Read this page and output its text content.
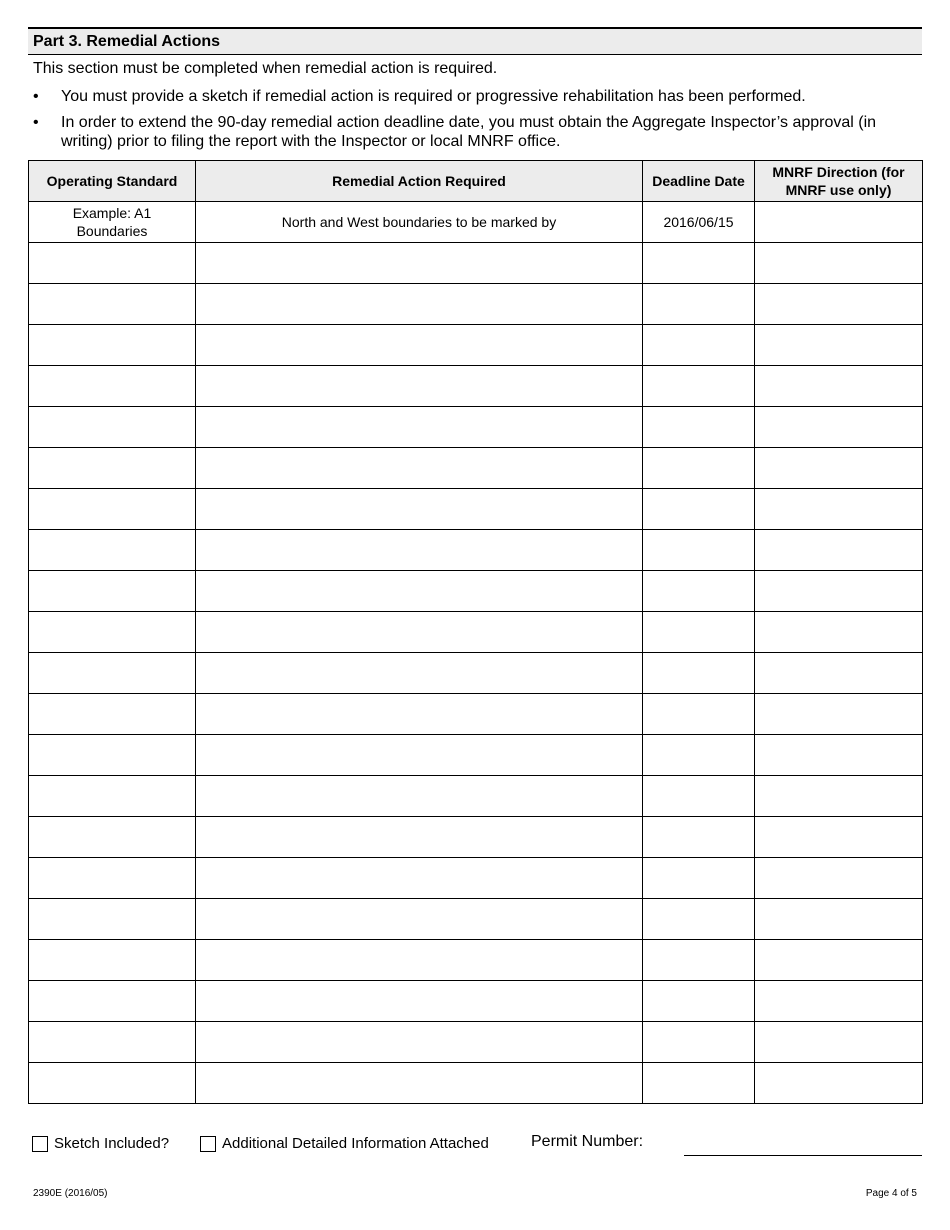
Part 3. Remedial Actions
This section must be completed when remedial action is required.
• You must provide a sketch if remedial action is required or progressive rehabilitation has been performed.
• In order to extend the 90-day remedial action deadline date, you must obtain the Aggregate Inspector’s approval (in writing) prior to filing the report with the Inspector or local MNRF office.
Operating Standard	Remedial Action Required	Deadline Date	MNRF Direction (for MNRF use only)
Example: A1 Boundaries	North and West boundaries to be marked by	2016/06/15	

Sketch Included?	Additional Detailed Information Attached	Permit Number:
2390E (2016/05)	Page 4 of 5
